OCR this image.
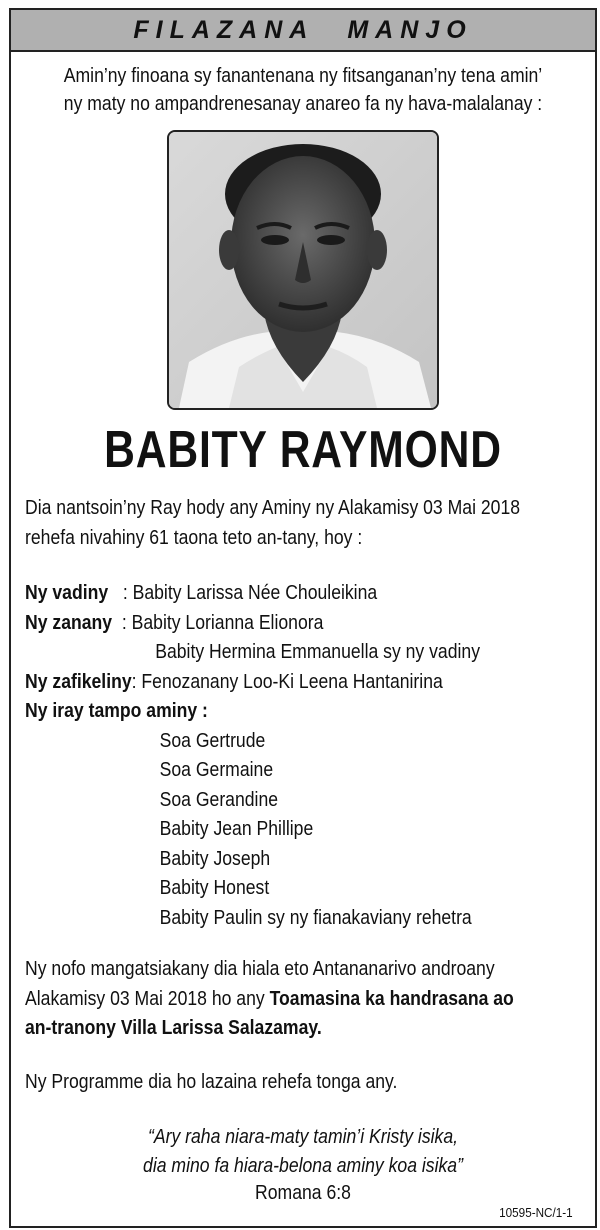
FILAZANA MANJO
Amin’ny finoana sy fanantenana ny fitsanganan’ny tena amin’
ny maty no ampandrenesanay anareo fa ny hava-malalanay :
BABITY RAYMOND
Dia nantsoin’ny Ray hody any Aminy ny Alakamisy 03 Mai 2018
rehefa nivahiny 61 taona teto an-tany, hoy :
Ny vadiny   : Babity Larissa Née Chouleikina
Ny zanany  : Babity Lorianna Elionora
Babity Hermina Emmanuella sy ny vadiny
Ny zafikeliny: Fenozanany Loo-Ki Leena Hantanirina
Ny iray tampo aminy :
Soa Gertrude
Soa Germaine
Soa Gerandine
Babity Jean Phillipe
Babity Joseph
Babity Honest
Babity Paulin sy ny fianakaviany rehetra
Ny nofo mangatsiakany dia hiala eto Antananarivo androany
Alakamisy 03 Mai 2018 ho any Toamasina ka handrasana ao
an-tranony Villa Larissa Salazamay.
Ny Programme dia ho lazaina rehefa tonga any.
“Ary raha niara-maty tamin’i Kristy isika,
dia mino fa hiara-belona aminy koa isika”
Romana 6:8
10595-NC/1-1
